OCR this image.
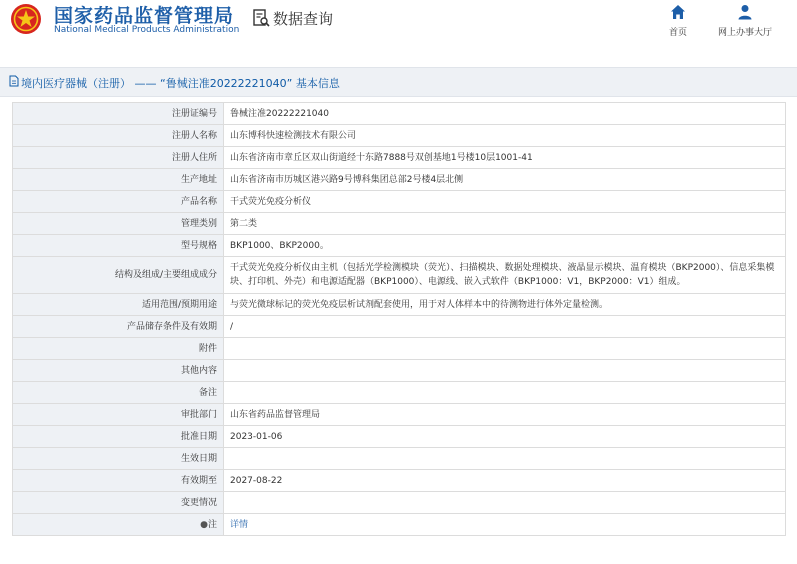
国家药品监督管理局
National Medical Products Administration
数据查询
首页	网上办事大厅
境内医疗器械（注册） —— “鲁械注准20222221040” 基本信息
注册证编号	鲁械注准20222221040
注册人名称	山东博科快速检测技术有限公司
注册人住所	山东省济南市章丘区双山街道经十东路7888号双创基地1号楼10层1001-41
生产地址	山东省济南市历城区港兴路9号博科集团总部2号楼4层北侧
产品名称	干式荧光免疫分析仪
管理类别	第二类
型号规格	BKP1000、BKP2000。
结构及组成/主要组成成分	干式荧光免疫分析仪由主机（包括光学检测模块（荧光）、扫描模块、数据处理模块、液晶显示模块、温育模块（BKP2000）、信息采集模块、打印机、外壳）和电源适配器（BKP1000）、电源线、嵌入式软件（BKP1000：V1，BKP2000：V1）组成。
适用范围/预期用途	与荧光微球标记的荧光免疫层析试剂配套使用，用于对人体样本中的待测物进行体外定量检测。
产品储存条件及有效期	/
附件	
其他内容	
备注	
审批部门	山东省药品监督管理局
批准日期	2023-01-06
生效日期	
有效期至	2027-08-22
变更情况	
●注	详情
